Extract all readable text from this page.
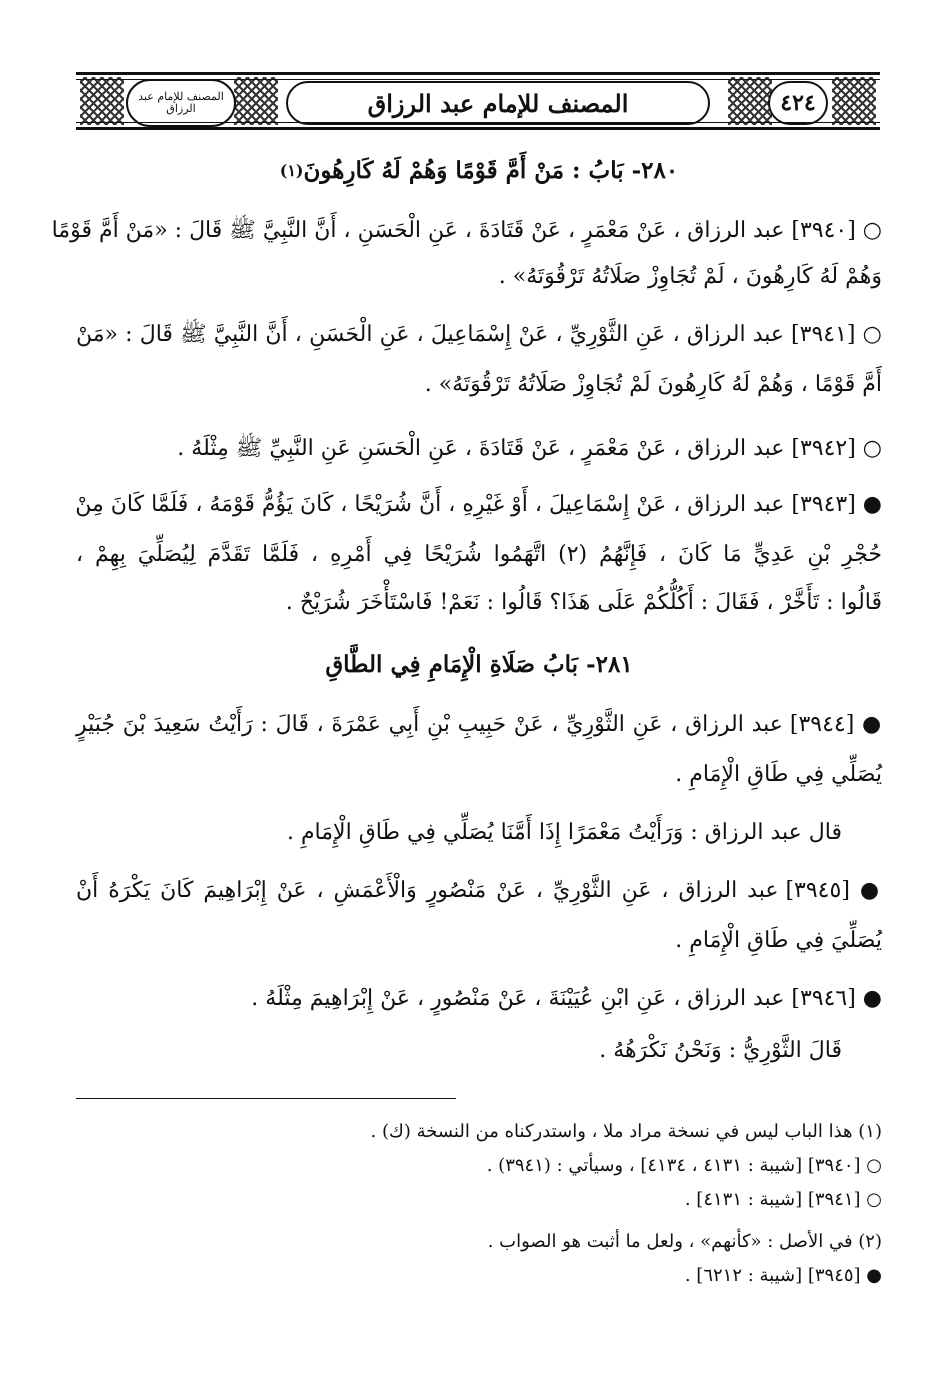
٤٢٤
المصنف للإمام عبد الرزاق
المصنف للإمام عبد الرزاق
٢٨٠- بَابُ : مَنْ أَمَّ قَوْمًا وَهُمْ لَهُ كَارِهُونَ(١)
○ [٣٩٤٠] عبد الرزاق ، عَنْ مَعْمَرٍ ، عَنْ قَتَادَةَ ، عَنِ الْحَسَنِ ، أَنَّ النَّبِيَّ ﷺ قَالَ : «مَنْ أَمَّ قَوْمًا
وَهُمْ لَهُ كَارِهُونَ ، لَمْ تُجَاوِزْ صَلَاتُهُ تَرْقُوَتَهُ» .
○ [٣٩٤١] عبد الرزاق ، عَنِ الثَّوْرِيِّ ، عَنْ إِسْمَاعِيلَ ، عَنِ الْحَسَنِ ، أَنَّ النَّبِيَّ ﷺ قَالَ : «مَنْ
أَمَّ قَوْمًا ، وَهُمْ لَهُ كَارِهُونَ لَمْ تُجَاوِزْ صَلَاتُهُ تَرْقُوَتَهُ» .
○ [٣٩٤٢] عبد الرزاق ، عَنْ مَعْمَرٍ ، عَنْ قَتَادَةَ ، عَنِ الْحَسَنِ عَنِ النَّبِيِّ ﷺ مِثْلَهُ .
● [٣٩٤٣] عبد الرزاق ، عَنْ إِسْمَاعِيلَ ، أَوْ غَيْرِهِ ، أَنَّ شُرَيْحًا ، كَانَ يَؤُمُّ قَوْمَهُ ، فَلَمَّا كَانَ مِنْ
حُجْرِ بْنِ عَدِيٍّ مَا كَانَ ، فَإِنَّهُمُ (٢) اتَّهَمُوا شُرَيْحًا فِي أَمْرِهِ ، فَلَمَّا تَقَدَّمَ لِيُصَلِّيَ بِهِمْ ،
قَالُوا : تَأَخَّرْ ، فَقَالَ : أَكُلُّكُمْ عَلَى هَذَا؟ قَالُوا : نَعَمْ! فَاسْتَأْخَرَ شُرَيْحٌ .
٢٨١- بَابُ صَلَاةِ الْإِمَامِ فِي الطَّاقِ
● [٣٩٤٤] عبد الرزاق ، عَنِ الثَّوْرِيِّ ، عَنْ حَبِيبِ بْنِ أَبِي عَمْرَةَ ، قَالَ : رَأَيْتُ سَعِيدَ بْنَ جُبَيْرٍ
يُصَلِّي فِي طَاقِ الْإِمَامِ .
قال عبد الرزاق : وَرَأَيْتُ مَعْمَرًا إِذَا أَمَّنَا يُصَلِّي فِي طَاقِ الْإِمَامِ .
● [٣٩٤٥] عبد الرزاق ، عَنِ الثَّوْرِيِّ ، عَنْ مَنْصُورٍ وَالْأَعْمَشِ ، عَنْ إِبْرَاهِيمَ كَانَ يَكْرَهُ أَنْ
يُصَلِّيَ فِي طَاقِ الْإِمَامِ .
● [٣٩٤٦] عبد الرزاق ، عَنِ ابْنِ عُيَيْنَةَ ، عَنْ مَنْصُورٍ ، عَنْ إِبْرَاهِيمَ مِثْلَهُ .
قَالَ الثَّوْرِيُّ : وَنَحْنُ نَكْرَهُهُ .
(١) هذا الباب ليس في نسخة مراد ملا ، واستدركناه من النسخة (ك) .
○ [٣٩٤٠] [شيبة : ٤١٣١ ، ٤١٣٤] ، وسيأتي : (٣٩٤١) .
○ [٣٩٤١] [شيبة : ٤١٣١] .
(٢) في الأصل : «كأنهم» ، ولعل ما أثبت هو الصواب .
● [٣٩٤٥] [شيبة : ٦٢١٢] .
